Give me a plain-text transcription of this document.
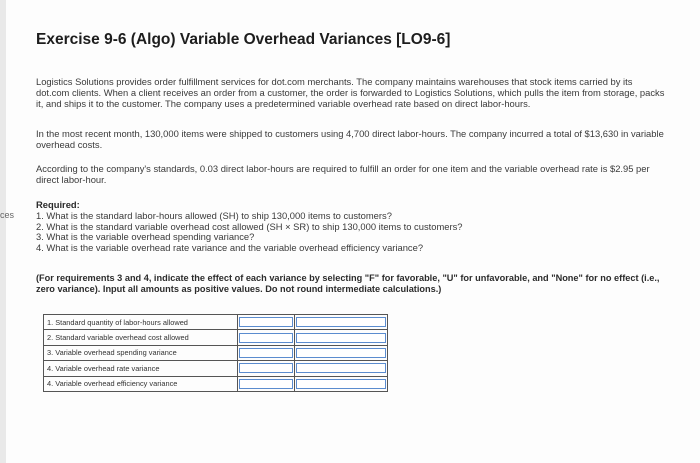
ces
Exercise 9-6 (Algo) Variable Overhead Variances [LO9-6]
Logistics Solutions provides order fulfillment services for dot.com merchants. The company maintains warehouses that stock items carried by its dot.com clients. When a client receives an order from a customer, the order is forwarded to Logistics Solutions, which pulls the item from storage, packs it, and ships it to the customer. The company uses a predetermined variable overhead rate based on direct labor-hours.
In the most recent month, 130,000 items were shipped to customers using 4,700 direct labor-hours. The company incurred a total of $13,630 in variable overhead costs.
According to the company's standards, 0.03 direct labor-hours are required to fulfill an order for one item and the variable overhead rate is $2.95 per direct labor-hour.
Required:
1. What is the standard labor-hours allowed (SH) to ship 130,000 items to customers?
2. What is the standard variable overhead cost allowed (SH × SR) to ship 130,000 items to customers?
3. What is the variable overhead spending variance?
4. What is the variable overhead rate variance and the variable overhead efficiency variance?
(For requirements 3 and 4, indicate the effect of each variance by selecting "F" for favorable, "U" for unfavorable, and "None" for no effect (i.e., zero variance). Input all amounts as positive values. Do not round intermediate calculations.)
1. Standard quantity of labor-hours allowed	

2. Standard variable overhead cost allowed	

3. Variable overhead spending variance	

4. Variable overhead rate variance	

4. Variable overhead efficiency variance	
